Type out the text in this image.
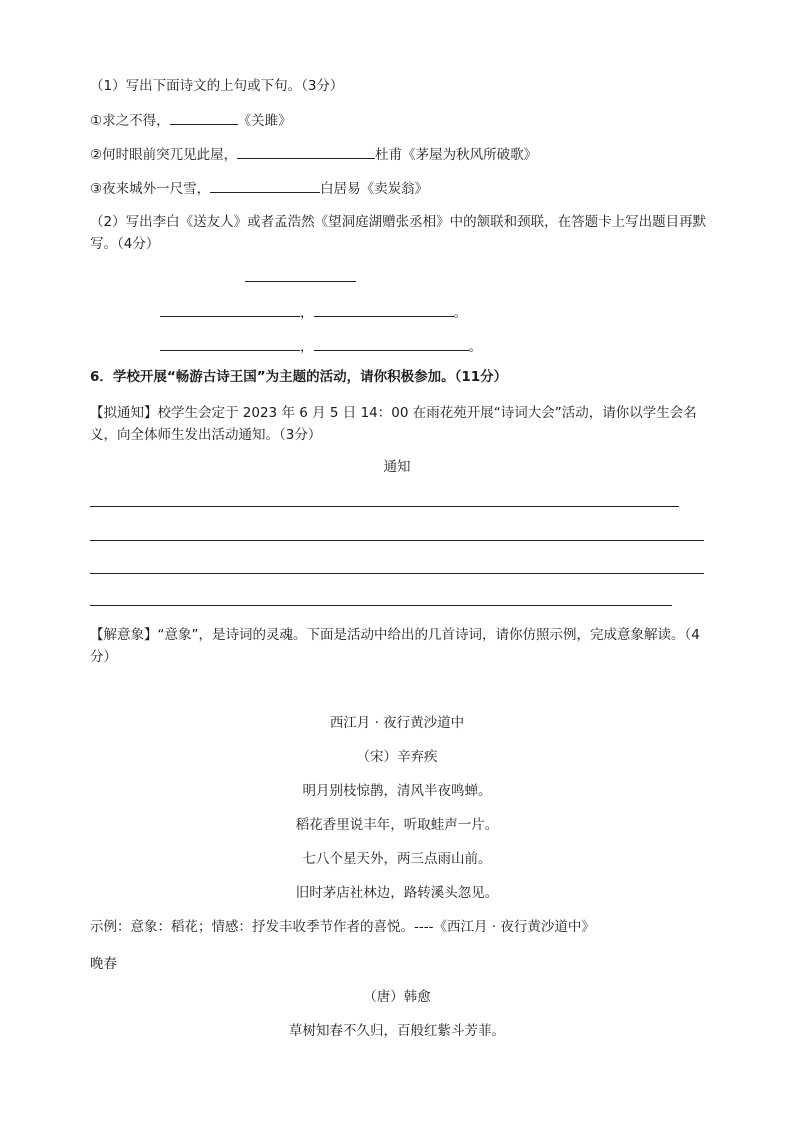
（1）写出下面诗文的上句或下句。（3分）
①求之不得，	《关雎》
②何时眼前突兀见此屋，	杜甫《茅屋为秋风所破歌》
③夜来城外一尺雪，	白居易《卖炭翁》
（2）写出李白《送友人》或者孟浩然《望洞庭湖赠张丞相》中的颔联和颈联，在答题卡上写出题目再默写。（4分）
，	。
，	。
6．学校开展“畅游古诗王国”为主题的活动，请你积极参加。（11分）
【拟通知】校学生会定于 2023 年 6 月 5 日 14：00 在雨花苑开展“诗词大会”活动，请你以学生会名义，向全体师生发出活动通知。（3分）
通知
【解意象】“意象”，是诗词的灵魂。下面是活动中给出的几首诗词，请你仿照示例，完成意象解读。（4分）
西江月 · 夜行黄沙道中
（宋）辛弃疾
明月别枝惊鹊，清风半夜鸣蝉。
稻花香里说丰年，听取蛙声一片。
七八个星天外，两三点雨山前。
旧时茅店社林边，路转溪头忽见。
示例：意象：稻花；情感：抒发丰收季节作者的喜悦。----《西江月 · 夜行黄沙道中》
晚春
（唐）韩愈
草树知春不久归，百般红紫斗芳菲。
